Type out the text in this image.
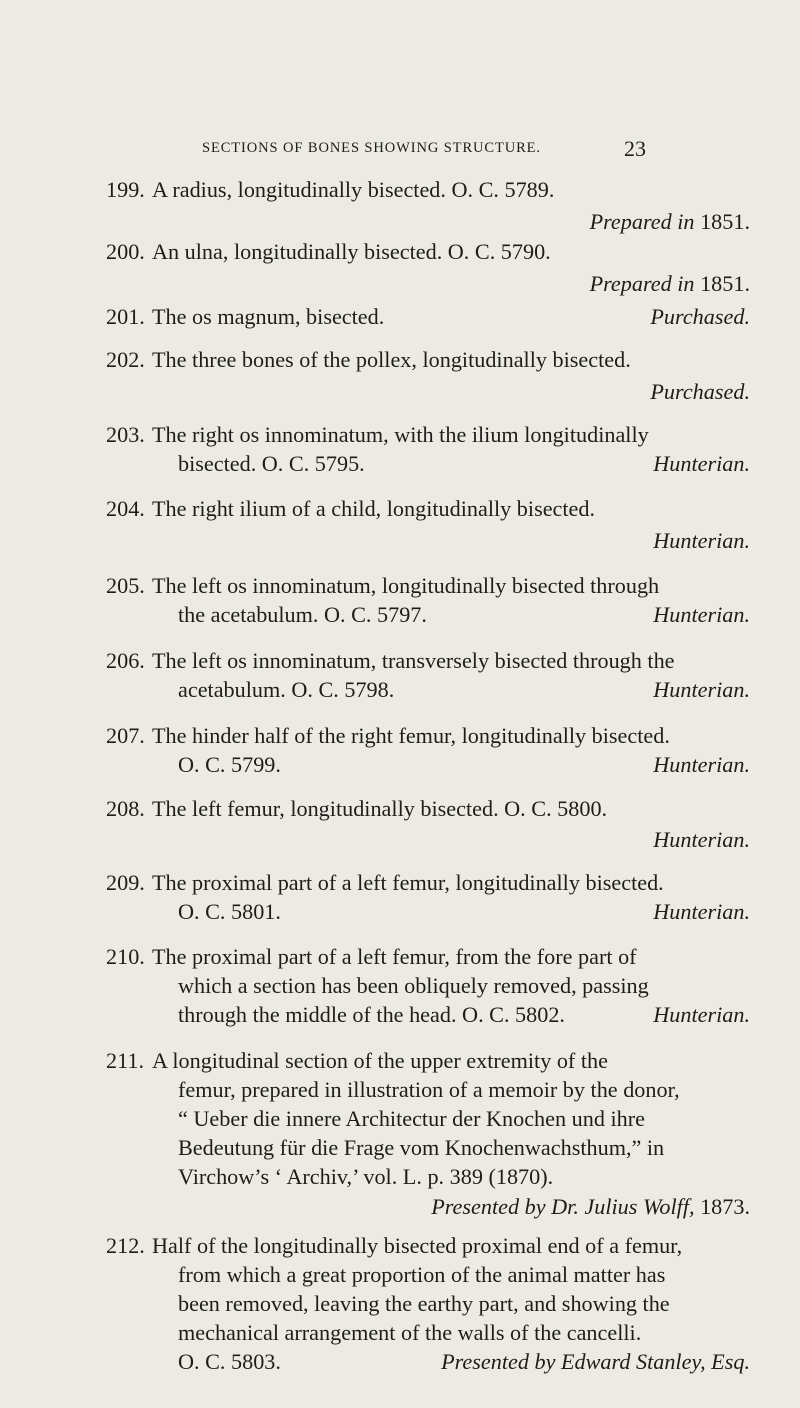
SECTIONS OF BONES SHOWING STRUCTURE.	23
199. A radius, longitudinally bisected. O. C. 5789.
Prepared in 1851.
200. An ulna, longitudinally bisected. O. C. 5790.
Prepared in 1851.
201. The os magnum, bisected.	Purchased.
202. The three bones of the pollex, longitudinally bisected.
Purchased.
203. The right os innominatum, with the ilium longitudinally
bisected. O. C. 5795.	Hunterian.
204. The right ilium of a child, longitudinally bisected.
Hunterian.
205. The left os innominatum, longitudinally bisected through
the acetabulum. O. C. 5797.	Hunterian.
206. The left os innominatum, transversely bisected through the
acetabulum. O. C. 5798.	Hunterian.
207. The hinder half of the right femur, longitudinally bisected.
O. C. 5799.	Hunterian.
208. The left femur, longitudinally bisected. O. C. 5800.
Hunterian.
209. The proximal part of a left femur, longitudinally bisected.
O. C. 5801.	Hunterian.
210. The proximal part of a left femur, from the fore part of
which a section has been obliquely removed, passing
through the middle of the head. O. C. 5802.	Hunterian.
211. A longitudinal section of the upper extremity of the
femur, prepared in illustration of a memoir by the donor,
“ Ueber die innere Architectur der Knochen und ihre
Bedeutung für die Frage vom Knochenwachsthum,” in
Virchow’s ‘ Archiv,’ vol. L. p. 389 (1870).
Presented by Dr. Julius Wolff, 1873.
212. Half of the longitudinally bisected proximal end of a femur,
from which a great proportion of the animal matter has
been removed, leaving the earthy part, and showing the
mechanical arrangement of the walls of the cancelli.
O. C. 5803.	Presented by Edward Stanley, Esq.
